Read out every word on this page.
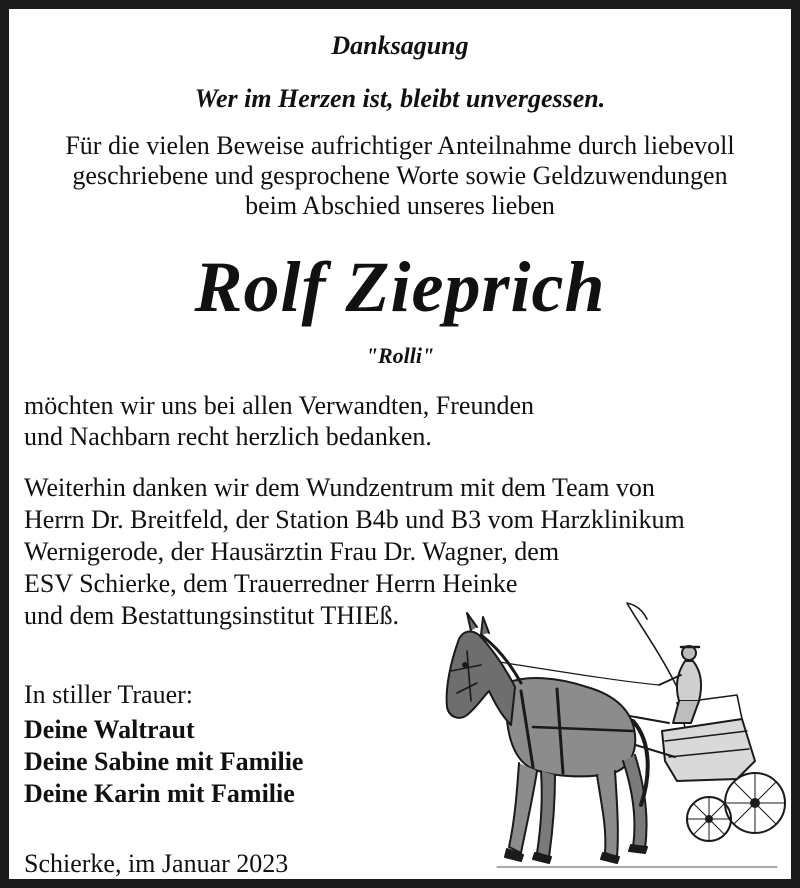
Danksagung
Wer im Herzen ist, bleibt unvergessen.
Für die vielen Beweise aufrichtiger Anteilnahme durch liebevoll
geschriebene und gesprochene Worte sowie Geldzuwendungen
beim Abschied unseres lieben
Rolf Zieprich
"Rolli"
möchten wir uns bei allen Verwandten, Freunden
und Nachbarn recht herzlich bedanken.
Weiterhin danken wir dem Wundzentrum mit dem Team von
Herrn Dr. Breitfeld, der Station B4b und B3 vom Harzklinikum
Wernigerode, der Hausärztin Frau Dr. Wagner, dem
ESV Schierke, dem Trauerredner Herrn Heinke
und dem Bestattungsinstitut THIEß.
In stiller Trauer:
Deine Waltraut
Deine Sabine mit Familie
Deine Karin mit Familie
Schierke, im Januar 2023
